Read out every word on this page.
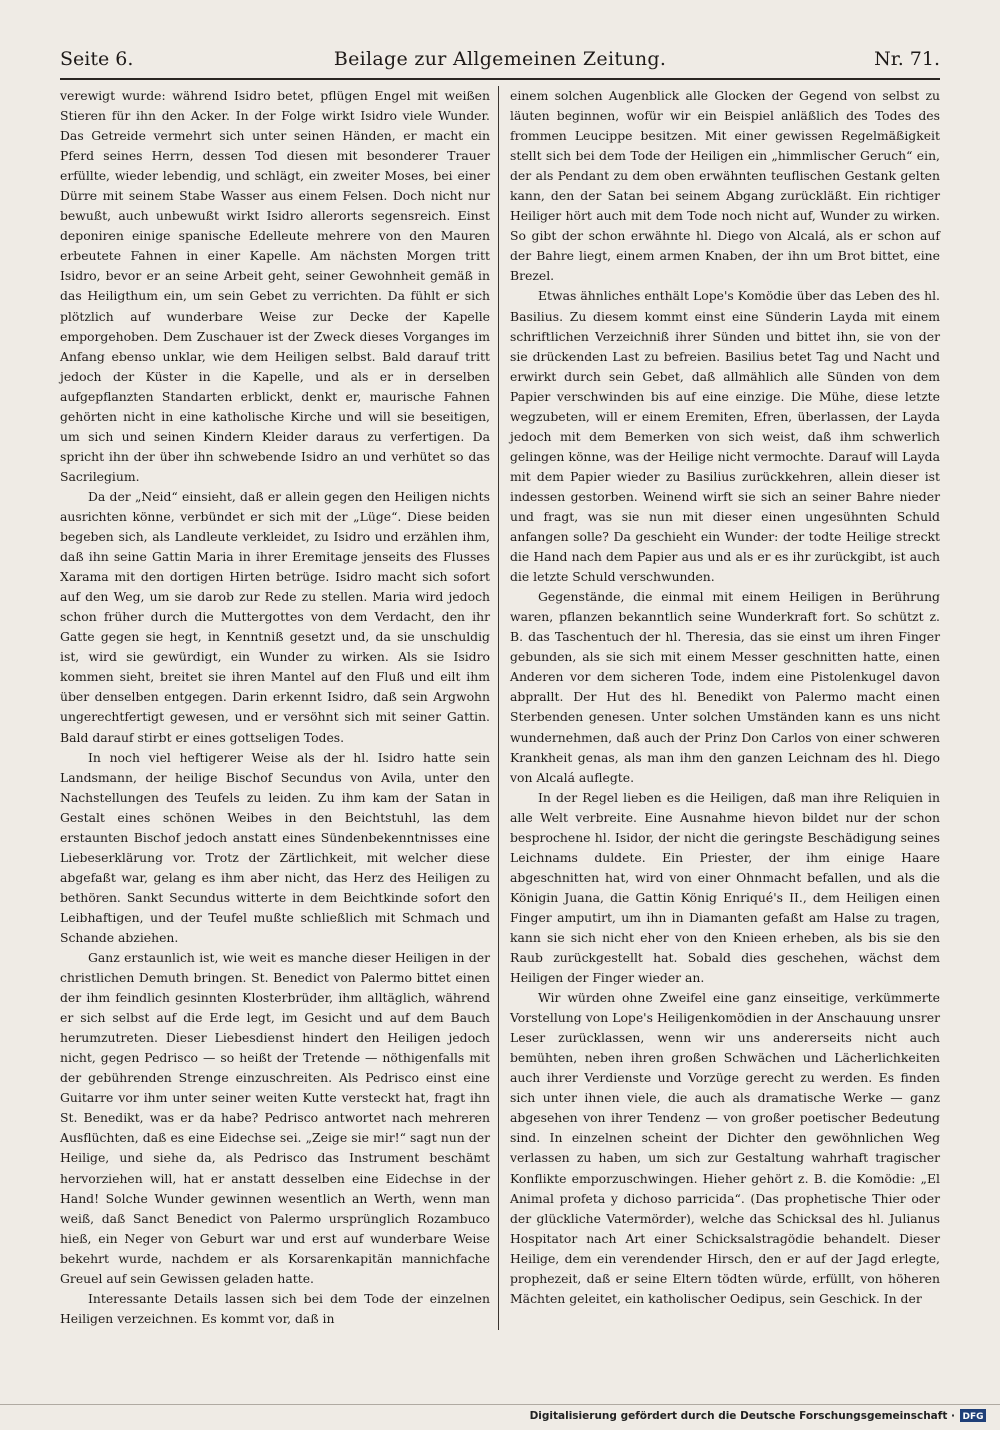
Seite 6.	Beilage zur Allgemeinen Zeitung.	Nr. 71.

verewigt wurde: während Isidro betet, pflügen Engel mit weißen Stieren für ihn den Acker. In der Folge wirkt Isidro viele Wunder. Das Getreide vermehrt sich unter seinen Händen, er macht ein Pferd seines Herrn, dessen Tod diesen mit besonderer Trauer erfüllte, wieder lebendig, und schlägt, ein zweiter Moses, bei einer Dürre mit seinem Stabe Wasser aus einem Felsen. Doch nicht nur bewußt, auch unbewußt wirkt Isidro allerorts segensreich. Einst deponiren einige spanische Edelleute mehrere von den Mauren erbeutete Fahnen in einer Kapelle. Am nächsten Morgen tritt Isidro, bevor er an seine Arbeit geht, seiner Gewohnheit gemäß in das Heiligthum ein, um sein Gebet zu verrichten. Da fühlt er sich plötzlich auf wunderbare Weise zur Decke der Kapelle emporgehoben. Dem Zuschauer ist der Zweck dieses Vorganges im Anfang ebenso unklar, wie dem Heiligen selbst. Bald darauf tritt jedoch der Küster in die Kapelle, und als er in derselben aufgepflanzten Standarten erblickt, denkt er, maurische Fahnen gehörten nicht in eine katholische Kirche und will sie beseitigen, um sich und seinen Kindern Kleider daraus zu verfertigen. Da spricht ihn der über ihn schwebende Isidro an und verhütet so das Sacrilegium.

Da der „Neid“ einsieht, daß er allein gegen den Heiligen nichts ausrichten könne, verbündet er sich mit der „Lüge“. Diese beiden begeben sich, als Landleute verkleidet, zu Isidro und erzählen ihm, daß ihn seine Gattin Maria in ihrer Eremitage jenseits des Flusses Xarama mit den dortigen Hirten betrüge. Isidro macht sich sofort auf den Weg, um sie darob zur Rede zu stellen. Maria wird jedoch schon früher durch die Muttergottes von dem Verdacht, den ihr Gatte gegen sie hegt, in Kenntniß gesetzt und, da sie unschuldig ist, wird sie gewürdigt, ein Wunder zu wirken. Als sie Isidro kommen sieht, breitet sie ihren Mantel auf den Fluß und eilt ihm über denselben entgegen. Darin erkennt Isidro, daß sein Argwohn ungerechtfertigt gewesen, und er versöhnt sich mit seiner Gattin. Bald darauf stirbt er eines gottseligen Todes.

In noch viel heftigerer Weise als der hl. Isidro hatte sein Landsmann, der heilige Bischof Secundus von Avila, unter den Nachstellungen des Teufels zu leiden. Zu ihm kam der Satan in Gestalt eines schönen Weibes in den Beichtstuhl, las dem erstaunten Bischof jedoch anstatt eines Sündenbekenntnisses eine Liebeserklärung vor. Trotz der Zärtlichkeit, mit welcher diese abgefaßt war, gelang es ihm aber nicht, das Herz des Heiligen zu bethören. Sankt Secundus witterte in dem Beichtkinde sofort den Leibhaftigen, und der Teufel mußte schließlich mit Schmach und Schande abziehen.

Ganz erstaunlich ist, wie weit es manche dieser Heiligen in der christlichen Demuth bringen. St. Benedict von Palermo bittet einen der ihm feindlich gesinnten Klosterbrüder, ihm alltäglich, während er sich selbst auf die Erde legt, im Gesicht und auf dem Bauch herumzutreten. Dieser Liebesdienst hindert den Heiligen jedoch nicht, gegen Pedrisco — so heißt der Tretende — nöthigenfalls mit der gebührenden Strenge einzuschreiten. Als Pedrisco einst eine Guitarre vor ihm unter seiner weiten Kutte versteckt hat, fragt ihn St. Benedikt, was er da habe? Pedrisco antwortet nach mehreren Ausflüchten, daß es eine Eidechse sei. „Zeige sie mir!“ sagt nun der Heilige, und siehe da, als Pedrisco das Instrument beschämt hervorziehen will, hat er anstatt desselben eine Eidechse in der Hand! Solche Wunder gewinnen wesentlich an Werth, wenn man weiß, daß Sanct Benedict von Palermo ursprünglich Rozambuco hieß, ein Neger von Geburt war und erst auf wunderbare Weise bekehrt wurde, nachdem er als Korsarenkapitän mannichfache Greuel auf sein Gewissen geladen hatte.

Interessante Details lassen sich bei dem Tode der einzelnen Heiligen verzeichnen. Es kommt vor, daß in

einem solchen Augenblick alle Glocken der Gegend von selbst zu läuten beginnen, wofür wir ein Beispiel anläßlich des Todes des frommen Leucippe besitzen. Mit einer gewissen Regelmäßigkeit stellt sich bei dem Tode der Heiligen ein „himmlischer Geruch“ ein, der als Pendant zu dem oben erwähnten teuflischen Gestank gelten kann, den der Satan bei seinem Abgang zurückläßt. Ein richtiger Heiliger hört auch mit dem Tode noch nicht auf, Wunder zu wirken. So gibt der schon erwähnte hl. Diego von Alcalá, als er schon auf der Bahre liegt, einem armen Knaben, der ihn um Brot bittet, eine Brezel.

Etwas ähnliches enthält Lope's Komödie über das Leben des hl. Basilius. Zu diesem kommt einst eine Sünderin Layda mit einem schriftlichen Verzeichniß ihrer Sünden und bittet ihn, sie von der sie drückenden Last zu befreien. Basilius betet Tag und Nacht und erwirkt durch sein Gebet, daß allmählich alle Sünden von dem Papier verschwinden bis auf eine einzige. Die Mühe, diese letzte wegzubeten, will er einem Eremiten, Efren, überlassen, der Layda jedoch mit dem Bemerken von sich weist, daß ihm schwerlich gelingen könne, was der Heilige nicht vermochte. Darauf will Layda mit dem Papier wieder zu Basilius zurückkehren, allein dieser ist indessen gestorben. Weinend wirft sie sich an seiner Bahre nieder und fragt, was sie nun mit dieser einen ungesühnten Schuld anfangen solle? Da geschieht ein Wunder: der todte Heilige streckt die Hand nach dem Papier aus und als er es ihr zurückgibt, ist auch die letzte Schuld verschwunden.

Gegenstände, die einmal mit einem Heiligen in Berührung waren, pflanzen bekanntlich seine Wunderkraft fort. So schützt z. B. das Taschentuch der hl. Theresia, das sie einst um ihren Finger gebunden, als sie sich mit einem Messer geschnitten hatte, einen Anderen vor dem sicheren Tode, indem eine Pistolenkugel davon abprallt. Der Hut des hl. Benedikt von Palermo macht einen Sterbenden genesen. Unter solchen Umständen kann es uns nicht wundernehmen, daß auch der Prinz Don Carlos von einer schweren Krankheit genas, als man ihm den ganzen Leichnam des hl. Diego von Alcalá auflegte.

In der Regel lieben es die Heiligen, daß man ihre Reliquien in alle Welt verbreite. Eine Ausnahme hievon bildet nur der schon besprochene hl. Isidor, der nicht die geringste Beschädigung seines Leichnams duldete. Ein Priester, der ihm einige Haare abgeschnitten hat, wird von einer Ohnmacht befallen, und als die Königin Juana, die Gattin König Enriqué's II., dem Heiligen einen Finger amputirt, um ihn in Diamanten gefaßt am Halse zu tragen, kann sie sich nicht eher von den Knieen erheben, als bis sie den Raub zurückgestellt hat. Sobald dies geschehen, wächst dem Heiligen der Finger wieder an.

Wir würden ohne Zweifel eine ganz einseitige, verkümmerte Vorstellung von Lope's Heiligenkomödien in der Anschauung unsrer Leser zurücklassen, wenn wir uns andererseits nicht auch bemühten, neben ihren großen Schwächen und Lächerlichkeiten auch ihrer Verdienste und Vorzüge gerecht zu werden. Es finden sich unter ihnen viele, die auch als dramatische Werke — ganz abgesehen von ihrer Tendenz — von großer poetischer Bedeutung sind. In einzelnen scheint der Dichter den gewöhnlichen Weg verlassen zu haben, um sich zur Gestaltung wahrhaft tragischer Konflikte emporzuschwingen. Hieher gehört z. B. die Komödie: „El Animal profeta y dichoso parricida“. (Das prophetische Thier oder der glückliche Vatermörder), welche das Schicksal des hl. Julianus Hospitator nach Art einer Schicksalstragödie behandelt. Dieser Heilige, dem ein verendender Hirsch, den er auf der Jagd erlegte, prophezeit, daß er seine Eltern tödten würde, erfüllt, von höheren Mächten geleitet, ein katholischer Oedipus, sein Geschick. In der

Digitalisierung gefördert durch die Deutsche Forschungsgemeinschaft · DFG
